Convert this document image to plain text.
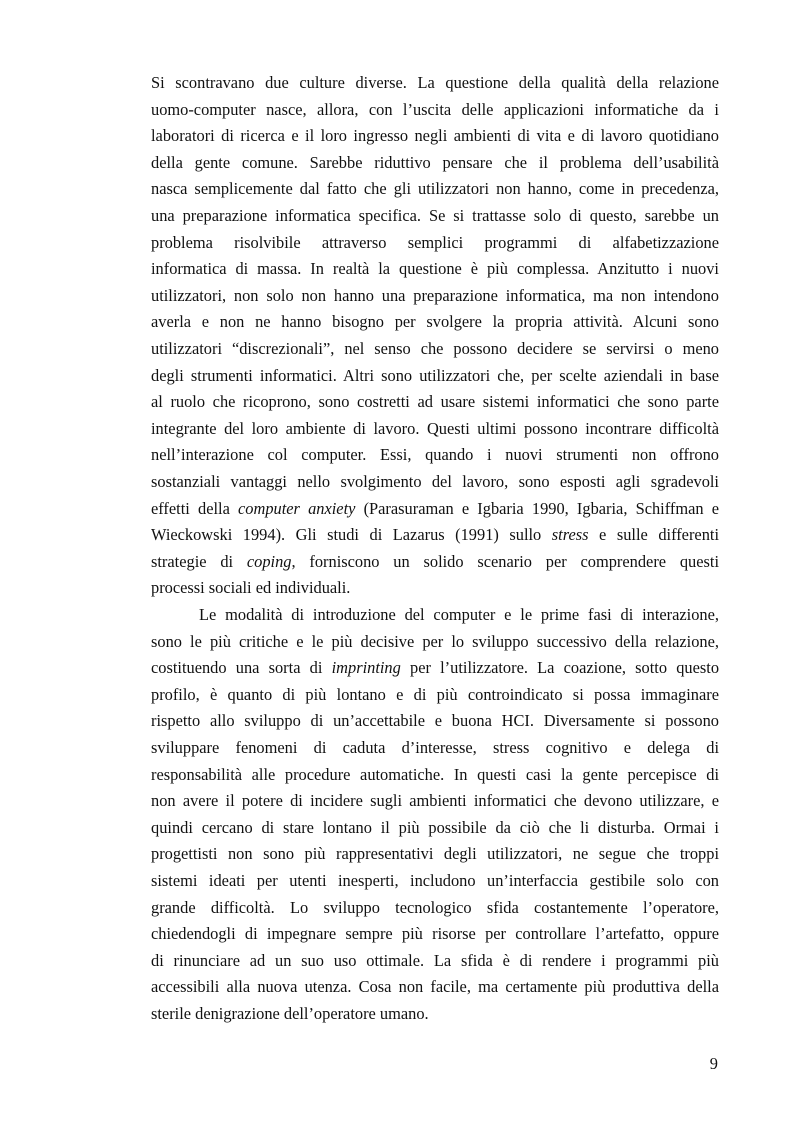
Si scontravano due culture diverse. La questione della qualità della relazione
uomo-computer nasce, allora, con l’uscita delle applicazioni informatiche da i
laboratori di ricerca e il loro ingresso negli ambienti di vita e di lavoro quotidiano
della gente comune. Sarebbe riduttivo pensare che il problema dell’usabilità
nasca semplicemente dal fatto che gli utilizzatori non hanno, come in precedenza,
una preparazione informatica specifica. Se si trattasse solo di questo, sarebbe un
problema risolvibile attraverso semplici programmi di alfabetizzazione
informatica di massa. In realtà la questione è più complessa. Anzitutto i nuovi
utilizzatori, non solo non hanno una preparazione informatica, ma non intendono
averla e non ne hanno bisogno per svolgere la propria attività. Alcuni sono
utilizzatori “discrezionali”, nel senso che possono decidere se servirsi o meno
degli strumenti informatici. Altri sono utilizzatori che, per scelte aziendali in base
al ruolo che ricoprono, sono costretti ad usare sistemi informatici che sono parte
integrante del loro ambiente di lavoro. Questi ultimi possono incontrare difficoltà
nell’interazione col computer. Essi, quando i nuovi strumenti non offrono
sostanziali vantaggi nello svolgimento del lavoro, sono esposti agli sgradevoli
effetti della computer anxiety (Parasuraman e Igbaria 1990, Igbaria, Schiffman e
Wieckowski 1994). Gli studi di Lazarus (1991) sullo stress e sulle differenti
strategie di coping, forniscono un solido scenario per comprendere questi
processi sociali ed individuali.
Le modalità di introduzione del computer e le prime fasi di interazione,
sono le più critiche e le più decisive per lo sviluppo successivo della relazione,
costituendo una sorta di imprinting per l’utilizzatore. La coazione, sotto questo
profilo, è quanto di più lontano e di più controindicato si possa immaginare
rispetto allo sviluppo di un’accettabile e buona HCI. Diversamente si possono
sviluppare fenomeni di caduta d’interesse, stress cognitivo e delega di
responsabilità alle procedure automatiche. In questi casi la gente percepisce di
non avere il potere di incidere sugli ambienti informatici che devono utilizzare, e
quindi cercano di stare lontano il più possibile da ciò che li disturba. Ormai i
progettisti non sono più rappresentativi degli utilizzatori, ne segue che troppi
sistemi ideati per utenti inesperti, includono un’interfaccia gestibile solo con
grande difficoltà. Lo sviluppo tecnologico sfida costantemente l’operatore,
chiedendogli di impegnare sempre più risorse per controllare l’artefatto, oppure
di rinunciare ad un suo uso ottimale. La sfida è di rendere i programmi più
accessibili alla nuova utenza. Cosa non facile, ma certamente più produttiva della
sterile denigrazione dell’operatore umano.
9
